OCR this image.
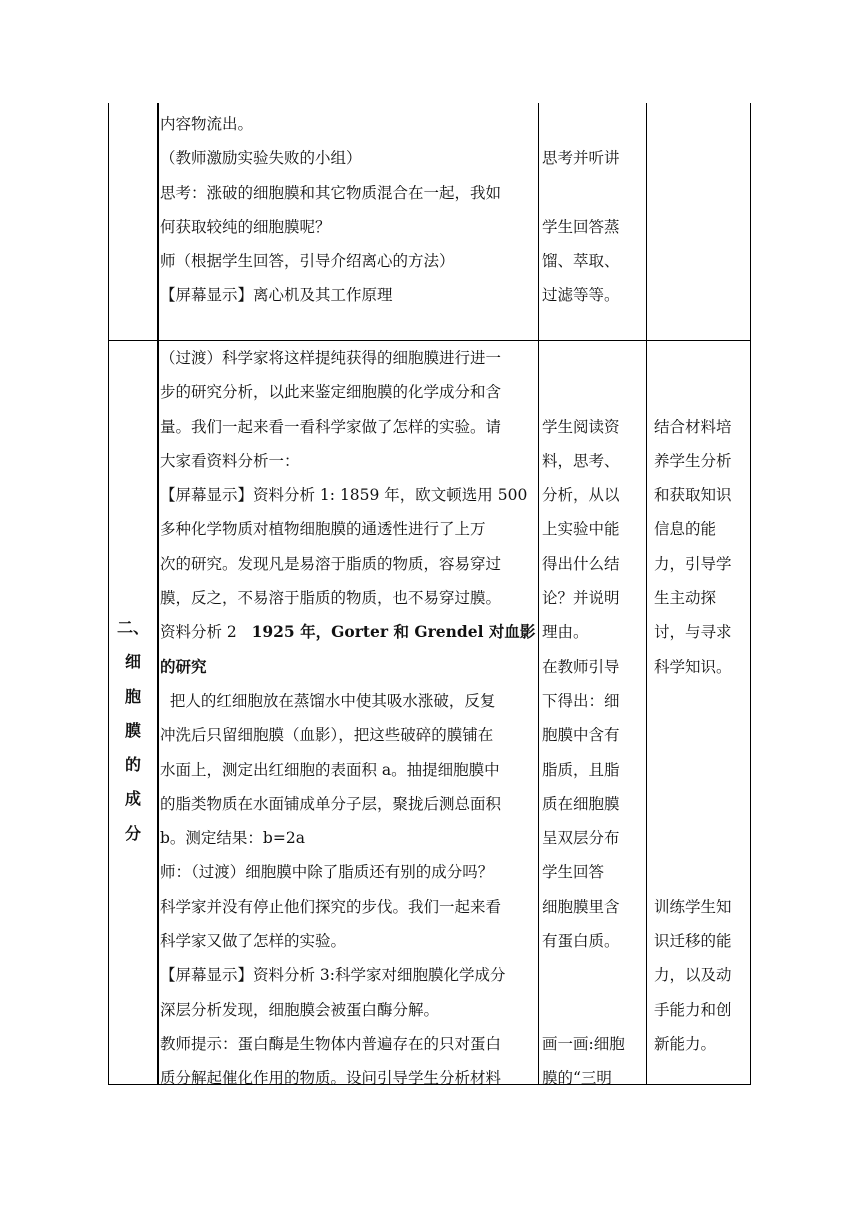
内容物流出。

（教师激励实验失败的小组）

思考：涨破的细胞膜和其它物质混合在一起，我如

何获取较纯的细胞膜呢？

师（根据学生回答，引导介绍离心的方法）

【屏幕显示】离心机及其工作原理

思考并听讲

学生回答蒸

馏、萃取、

过滤等等。

二、

细

胞

膜

的

成

分

（过渡）科学家将这样提纯获得的细胞膜进行进一

步的研究分析，以此来鉴定细胞膜的化学成分和含

量。我们一起来看一看科学家做了怎样的实验。请

大家看资料分析一：

【屏幕显示】资料分析 1: 1859 年，欧文顿选用 500

多种化学物质对植物细胞膜的通透性进行了上万

次的研究。发现凡是易溶于脂质的物质，容易穿过

膜，反之，不易溶于脂质的物质，也不易穿过膜。

资料分析 2 1925 年，Gorter 和 Grendel 对血影

的研究

把人的红细胞放在蒸馏水中使其吸水涨破，反复

冲洗后只留细胞膜（血影），把这些破碎的膜铺在

水面上，测定出红细胞的表面积 a。抽提细胞膜中

的脂类物质在水面铺成单分子层，聚拢后测总面积

b。测定结果：b=2a

师：（过渡）细胞膜中除了脂质还有别的成分吗？

科学家并没有停止他们探究的步伐。我们一起来看

科学家又做了怎样的实验。

【屏幕显示】资料分析 3:科学家对细胞膜化学成分

深层分析发现，细胞膜会被蛋白酶分解。

教师提示：蛋白酶是生物体内普遍存在的只对蛋白

质分解起催化作用的物质。设问引导学生分析材料

学生阅读资

料，思考、

分析，从以

上实验中能

得出什么结

论？并说明

理由。

在教师引导

下得出：细

胞膜中含有

脂质，且脂

质在细胞膜

呈双层分布

学生回答

细胞膜里含

有蛋白质。

画一画:细胞

膜的“三明

结合材料培

养学生分析

和获取知识

信息的能

力，引导学

生主动探

讨，与寻求

科学知识。

训练学生知

识迁移的能

力，以及动

手能力和创

新能力。
